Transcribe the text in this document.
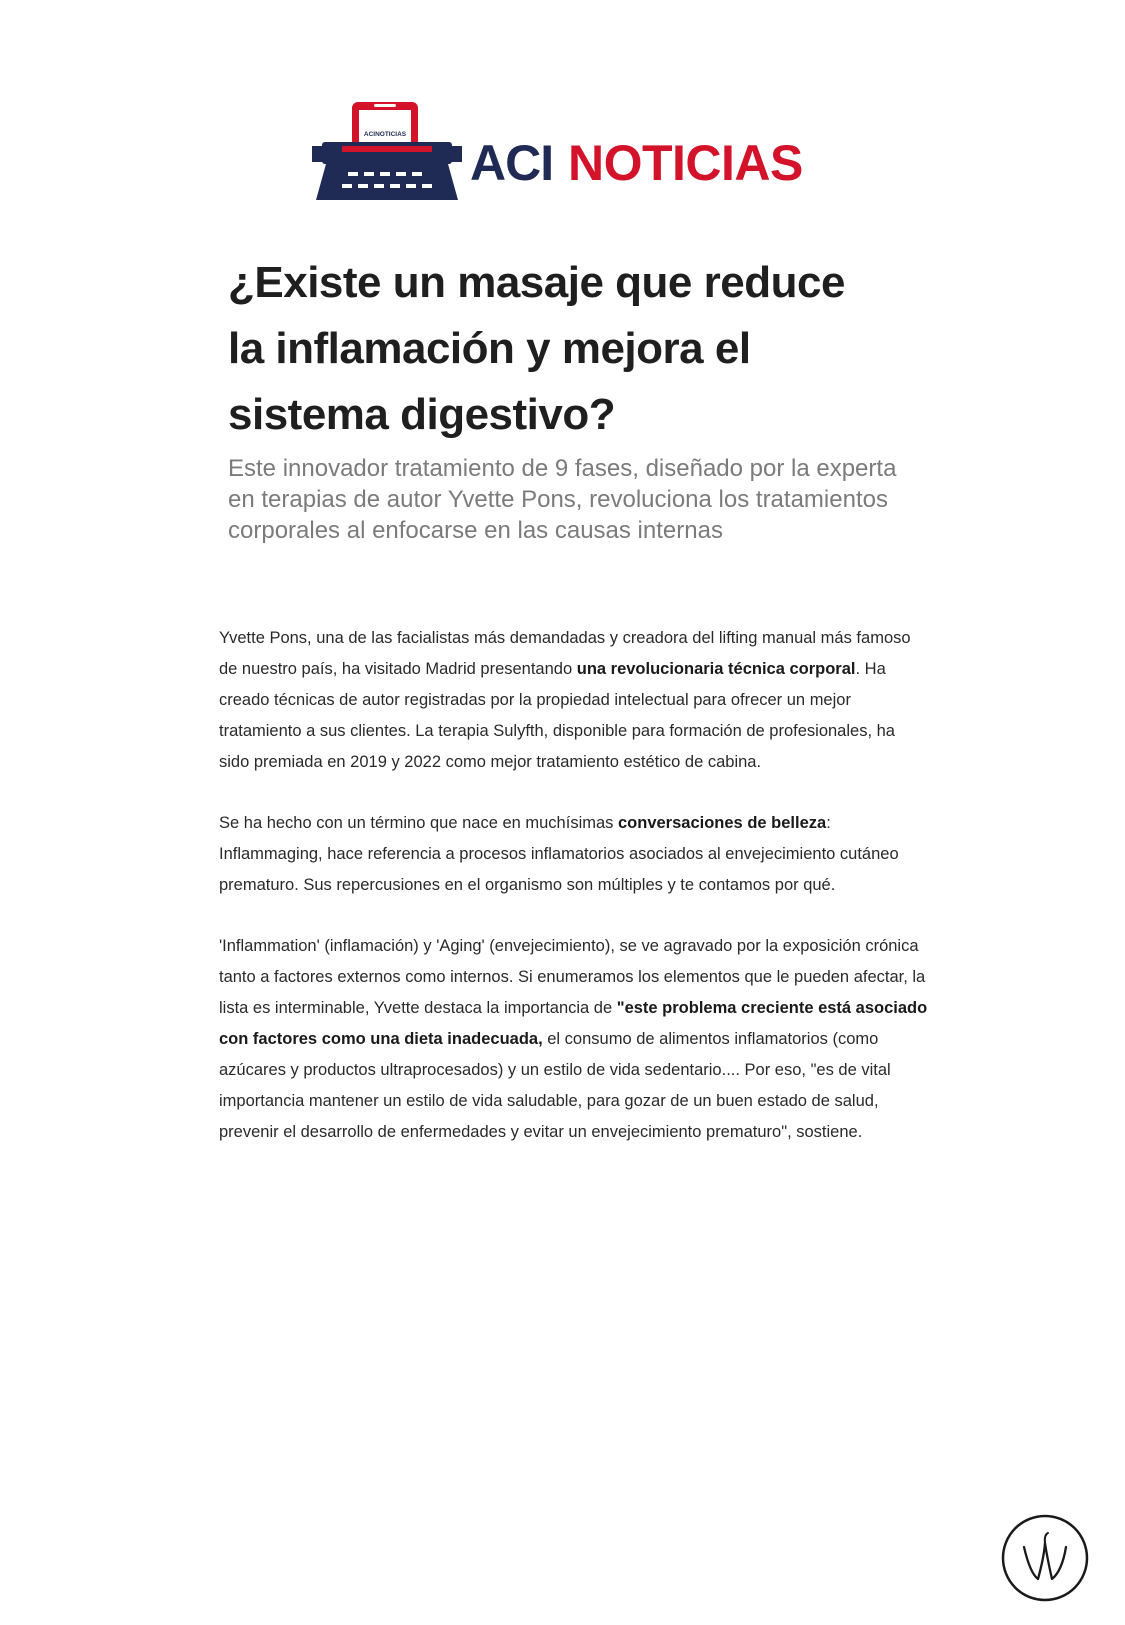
ACINOTICIAS
ACI NOTICIAS
¿Existe un masaje que reduce
la inflamación y mejora el
sistema digestivo?

Este innovador tratamiento de 9 fases, diseñado por la experta en terapias de autor Yvette Pons, revoluciona los tratamientos corporales al enfocarse en las causas internas

Yvette Pons, una de las facialistas más demandadas y creadora del lifting manual más famoso de nuestro país, ha visitado Madrid presentando una revolucionaria técnica corporal. Ha creado técnicas de autor registradas por la propiedad intelectual para ofrecer un mejor tratamiento a sus clientes. La terapia Sulyfth, disponible para formación de profesionales, ha sido premiada en 2019 y 2022 como mejor tratamiento estético de cabina.

Se ha hecho con un término que nace en muchísimas conversaciones de belleza: Inflammaging, hace referencia a procesos inflamatorios asociados al envejecimiento cutáneo prematuro. Sus repercusiones en el organismo son múltiples y te contamos por qué.

'Inflammation' (inflamación) y 'Aging' (envejecimiento), se ve agravado por la exposición crónica tanto a factores externos como internos. Si enumeramos los elementos que le pueden afectar, la lista es interminable, Yvette destaca la importancia de "este problema creciente está asociado con factores como una dieta inadecuada, el consumo de alimentos inflamatorios (como azúcares y productos ultraprocesados) y un estilo de vida sedentario.... Por eso, "es de vital importancia mantener un estilo de vida saludable, para gozar de un buen estado de salud, prevenir el desarrollo de enfermedades y evitar un envejecimiento prematuro", sostiene.
